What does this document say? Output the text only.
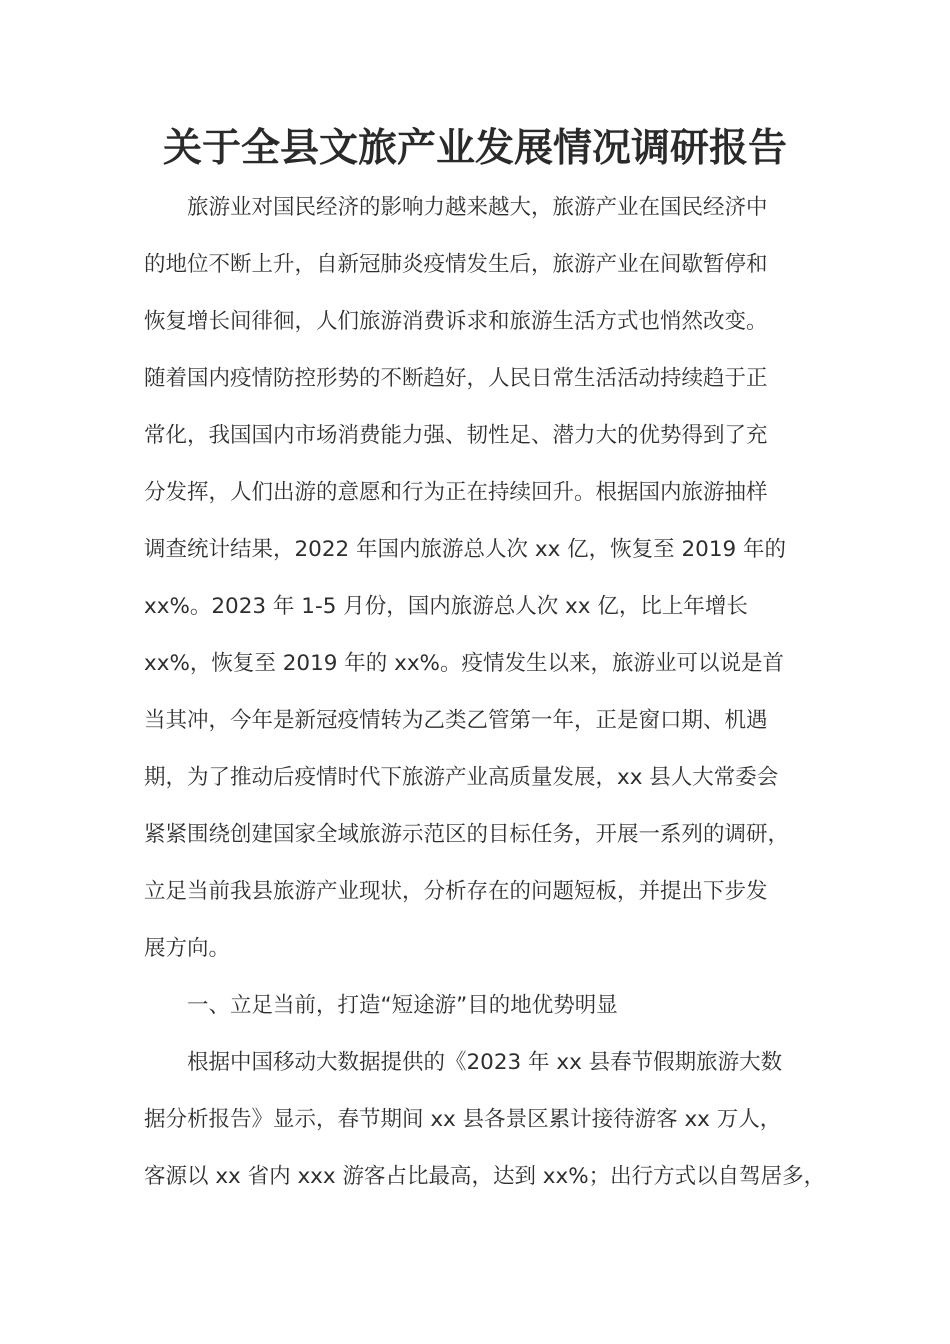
关于全县文旅产业发展情况调研报告

旅游业对国民经济的影响力越来越大，旅游产业在国民经济中

的地位不断上升，自新冠肺炎疫情发生后，旅游产业在间歇暂停和

恢复增长间徘徊，人们旅游消费诉求和旅游生活方式也悄然改变。

随着国内疫情防控形势的不断趋好，人民日常生活活动持续趋于正

常化，我国国内市场消费能力强、韧性足、潜力大的优势得到了充

分发挥，人们出游的意愿和行为正在持续回升。根据国内旅游抽样

调查统计结果，2022 年国内旅游总人次 xx 亿，恢复至 2019 年的

xx%。2023 年 1-5 月份，国内旅游总人次 xx 亿，比上年增长

xx%，恢复至 2019 年的 xx%。疫情发生以来，旅游业可以说是首

当其冲，今年是新冠疫情转为乙类乙管第一年，正是窗口期、机遇

期，为了推动后疫情时代下旅游产业高质量发展，xx 县人大常委会

紧紧围绕创建国家全域旅游示范区的目标任务，开展一系列的调研，

立足当前我县旅游产业现状，分析存在的问题短板，并提出下步发

展方向。

一、立足当前，打造“短途游”目的地优势明显

根据中国移动大数据提供的《2023 年 xx 县春节假期旅游大数

据分析报告》显示，春节期间 xx 县各景区累计接待游客 xx 万人，

客源以 xx 省内 xxx 游客占比最高，达到 xx%；出行方式以自驾居多，
